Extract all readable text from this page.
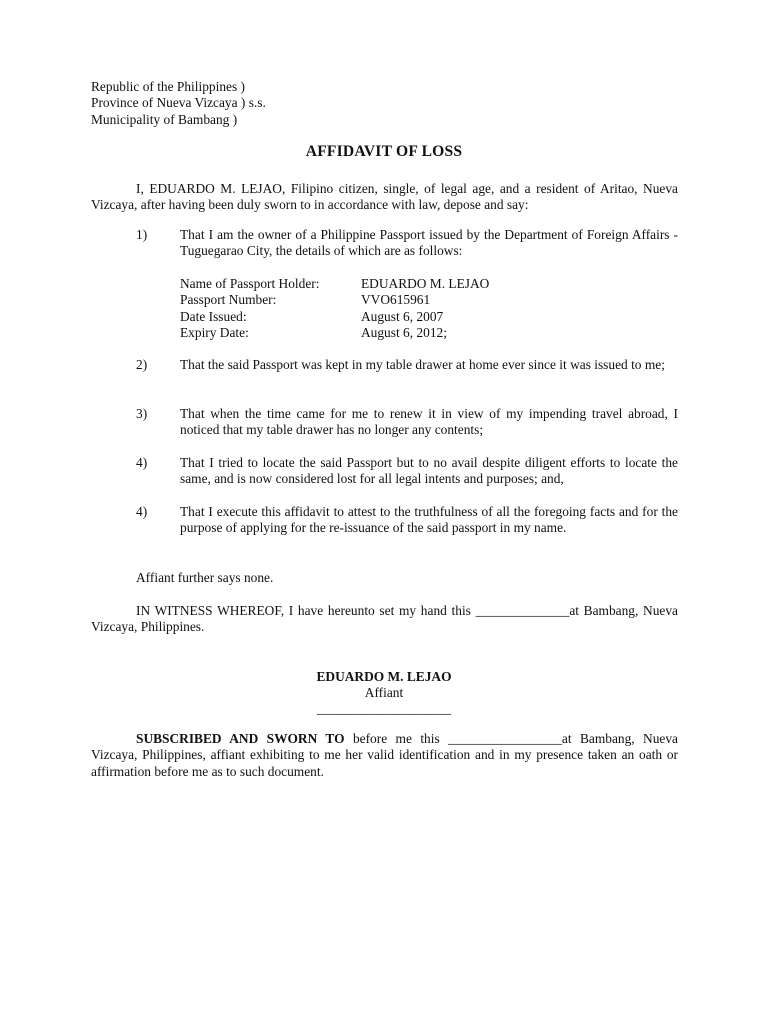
Republic of the Philippines )
Province of Nueva Vizcaya ) s.s.
Municipality of Bambang )
AFFIDAVIT OF LOSS
I, EDUARDO M. LEJAO, Filipino citizen, single, of legal age, and a resident of Aritao, Nueva Vizcaya, after having been duly sworn to in accordance with law, depose and say:
1)	That I am the owner of a Philippine Passport issued by the Department of Foreign Affairs - Tuguegarao City, the details of which are as follows:
Name of Passport Holder:	EDUARDO M. LEJAO
Passport Number:	VVO615961
Date Issued:	August 6, 2007
Expiry Date:	August 6, 2012;
2)	That the said Passport was kept in my table drawer at home ever since it was issued to me;
3)	That when the time came for me to renew it in view of my impending travel abroad, I noticed that my table drawer has no longer any contents;
4)	That I tried to locate the said Passport but to no avail despite diligent efforts to locate the same, and is now considered lost for all legal intents and purposes; and,
4)	That I execute this affidavit to attest to the truthfulness of all the foregoing facts and for the purpose of applying for the re-issuance of the said passport in my name.
Affiant further says none.
IN WITNESS WHEREOF, I have hereunto set my hand this ______________at Bambang, Nueva Vizcaya, Philippines.
EDUARDO M. LEJAO
Affiant
____________________
SUBSCRIBED AND SWORN TO before me this _________________at Bambang, Nueva Vizcaya, Philippines, affiant exhibiting to me her valid identification and in my presence taken an oath or affirmation before me as to such document.
